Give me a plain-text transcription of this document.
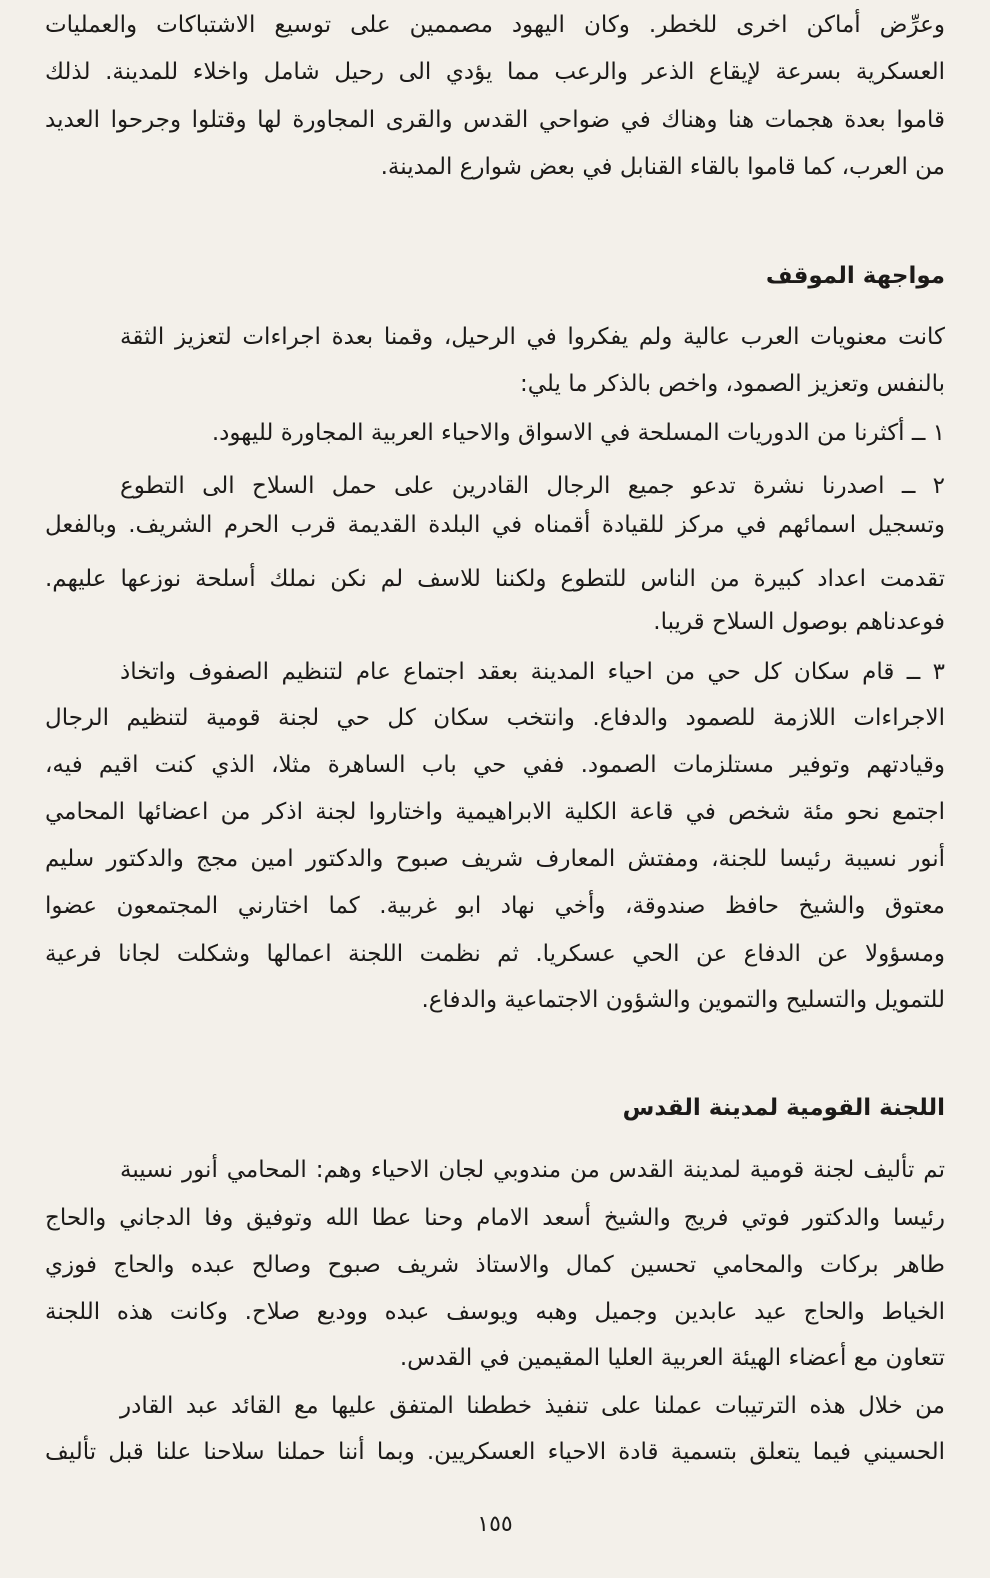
وعرِّض أماكن اخرى للخطر. وكان اليهود مصممين على توسيع الاشتباكات والعمليات
العسكرية بسرعة لإيقاع الذعر والرعب مما يؤدي الى رحيل شامل واخلاء للمدينة. لذلك
قاموا بعدة هجمات هنا وهناك في ضواحي القدس والقرى المجاورة لها وقتلوا وجرحوا العديد
من العرب، كما قاموا بالقاء القنابل في بعض شوارع المدينة.
مواجهة الموقف
كانت معنويات العرب عالية ولم يفكروا في الرحيل، وقمنا بعدة اجراءات لتعزيز الثقة
بالنفس وتعزيز الصمود، واخص بالذكر ما يلي:
١ ــ أكثرنا من الدوريات المسلحة في الاسواق والاحياء العربية المجاورة لليهود.
٢ ــ اصدرنا نشرة تدعو جميع الرجال القادرين على حمل السلاح الى التطوع
وتسجيل اسمائهم في مركز للقيادة أقمناه في البلدة القديمة قرب الحرم الشريف. وبالفعل
تقدمت اعداد كبيرة من الناس للتطوع ولكننا للاسف لم نكن نملك أسلحة نوزعها عليهم.
فوعدناهم بوصول السلاح قريبا.
٣ ــ قام سكان كل حي من احياء المدينة بعقد اجتماع عام لتنظيم الصفوف واتخاذ
الاجراءات اللازمة للصمود والدفاع. وانتخب سكان كل حي لجنة قومية لتنظيم الرجال
وقيادتهم وتوفير مستلزمات الصمود. ففي حي باب الساهرة مثلا، الذي كنت اقيم فيه،
اجتمع نحو مئة شخص في قاعة الكلية الابراهيمية واختاروا لجنة اذكر من اعضائها المحامي
أنور نسيبة رئيسا للجنة، ومفتش المعارف شريف صبوح والدكتور امين مجج والدكتور سليم
معتوق والشيخ حافظ صندوقة، وأخي نهاد ابو غربية. كما اختارني المجتمعون عضوا
ومسؤولا عن الدفاع عن الحي عسكريا. ثم نظمت اللجنة اعمالها وشكلت لجانا فرعية
للتمويل والتسليح والتموين والشؤون الاجتماعية والدفاع.
اللجنة القومية لمدينة القدس
تم تأليف لجنة قومية لمدينة القدس من مندوبي لجان الاحياء وهم: المحامي أنور نسيبة
رئيسا والدكتور فوتي فريج والشيخ أسعد الامام وحنا عطا الله وتوفيق وفا الدجاني والحاج
طاهر بركات والمحامي تحسين كمال والاستاذ شريف صبوح وصالح عبده والحاج فوزي
الخياط والحاج عيد عابدين وجميل وهبه ويوسف عبده ووديع صلاح. وكانت هذه اللجنة
تتعاون مع أعضاء الهيئة العربية العليا المقيمين في القدس.
من خلال هذه الترتيبات عملنا على تنفيذ خططنا المتفق عليها مع القائد عبد القادر
الحسيني فيما يتعلق بتسمية قادة الاحياء العسكريين. وبما أننا حملنا سلاحنا علنا قبل تأليف
١٥٥
